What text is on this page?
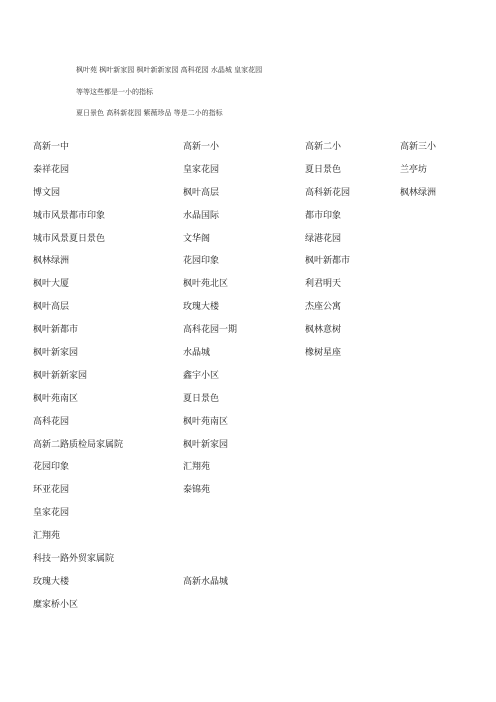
枫叶苑 枫叶新家园 枫叶新新家园 高科花园 水晶城 皇家花园
等等这些都是一小的指标
夏日景色 高科新花园 紫薇珍品 等是二小的指标
高新一中	高新一小	高新二小	高新三小
泰祥花园	皇家花园	夏日景色	兰亭坊
博文园	枫叶高层	高科新花园	枫林绿洲
城市风景都市印象	水晶国际	都市印象
城市风景夏日景色	文华阁	绿港花园
枫林绿洲	花园印象	枫叶新都市
枫叶大厦	枫叶苑北区	利君明天
枫叶高层	玫瑰大楼	杰座公寓
枫叶新都市	高科花园一期	枫林意树
枫叶新家园	水晶城	橡树星座
枫叶新新家园	鑫宇小区
枫叶苑南区	夏日景色
高科花园	枫叶苑南区
高新二路质检局家属院	枫叶新家园
花园印象	汇翔苑
环亚花园	泰锦苑
皇家花园
汇翔苑
科技一路外贸家属院
玫瑰大楼	高新水晶城
糜家桥小区
